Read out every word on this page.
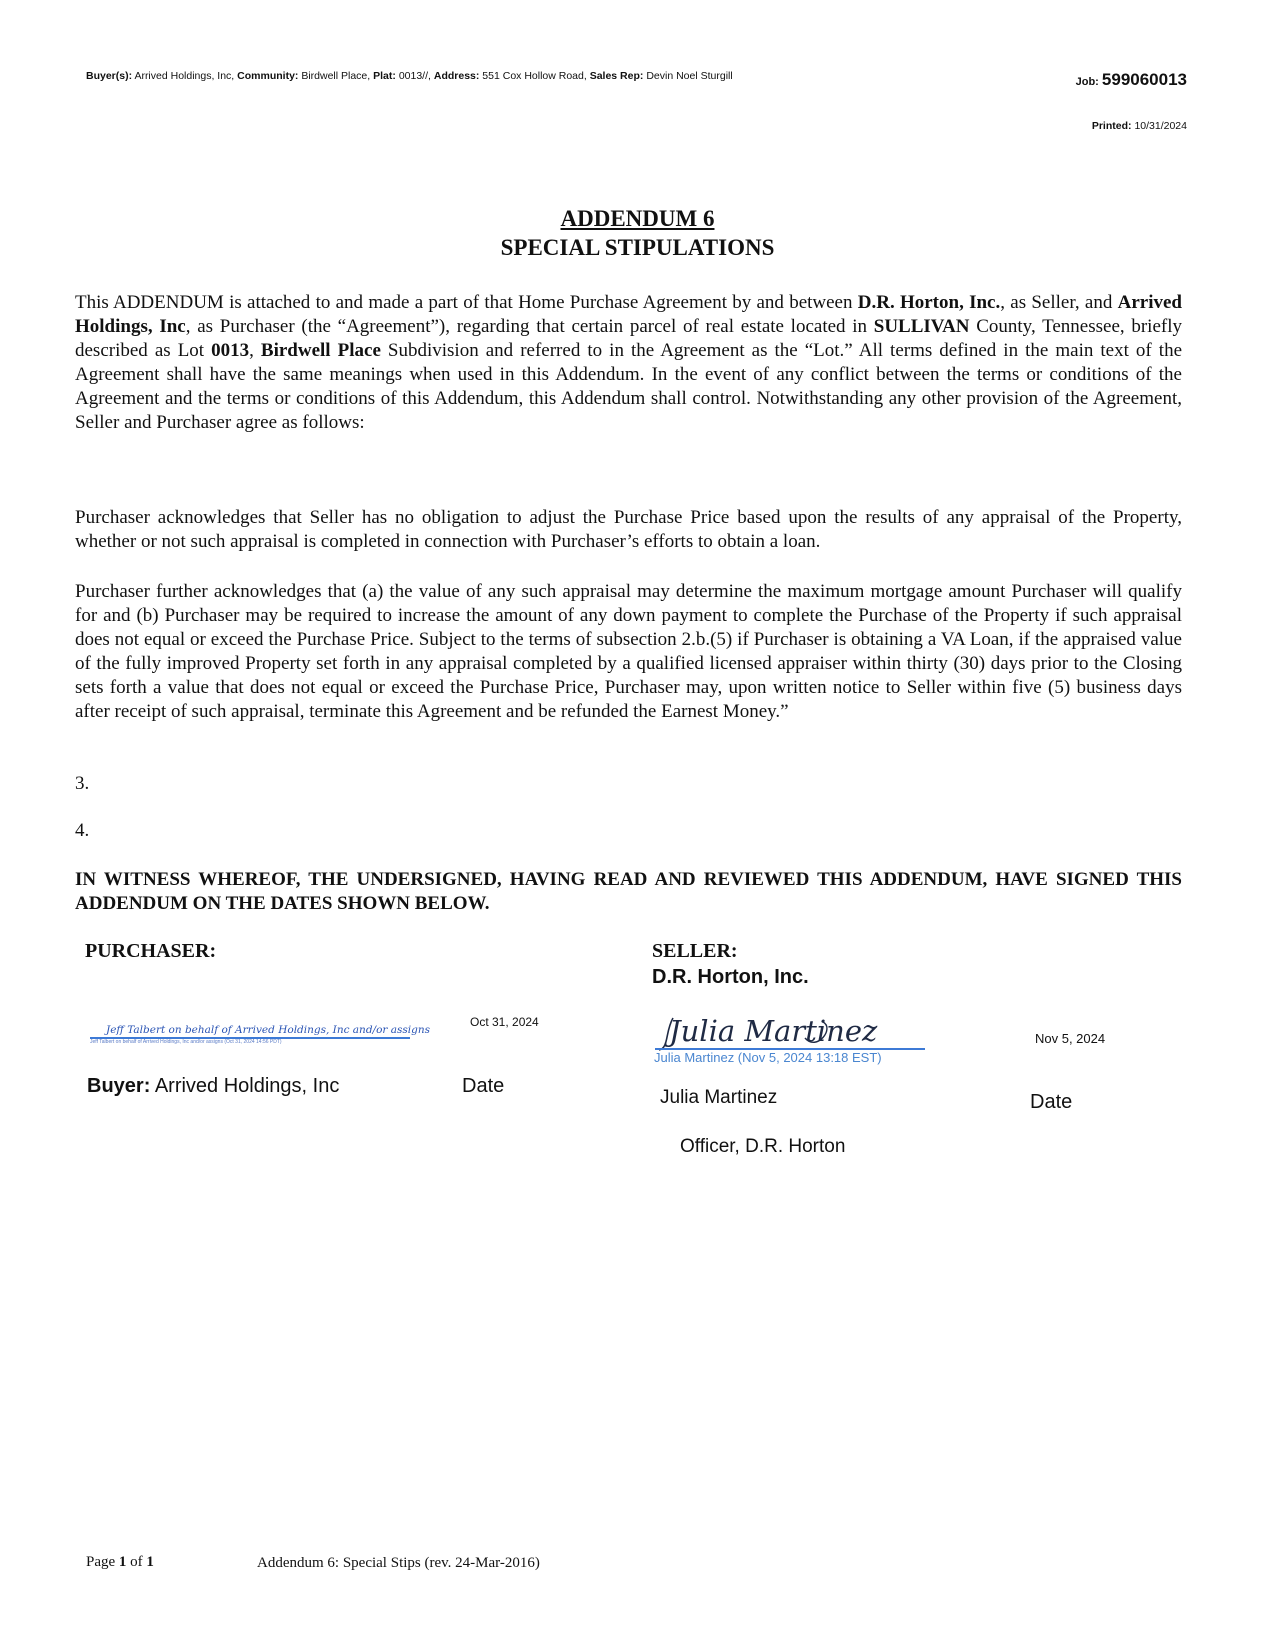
Buyer(s): Arrived Holdings, Inc, Community: Birdwell Place, Plat: 0013//, Address: 551 Cox Hollow Road, Sales Rep: Devin Noel Sturgill	Job: 599060013
Printed: 10/31/2024
ADDENDUM 6
SPECIAL STIPULATIONS
This ADDENDUM is attached to and made a part of that Home Purchase Agreement by and between D.R. Horton, Inc., as Seller, and Arrived Holdings, Inc, as Purchaser (the “Agreement”), regarding that certain parcel of real estate located in SULLIVAN County, Tennessee, briefly described as Lot 0013, Birdwell Place Subdivision and referred to in the Agreement as the “Lot.” All terms defined in the main text of the Agreement shall have the same meanings when used in this Addendum. In the event of any conflict between the terms or conditions of the Agreement and the terms or conditions of this Addendum, this Addendum shall control. Notwithstanding any other provision of the Agreement, Seller and Purchaser agree as follows:
Purchaser acknowledges that Seller has no obligation to adjust the Purchase Price based upon the results of any appraisal of the Property, whether or not such appraisal is completed in connection with Purchaser’s efforts to obtain a loan.
Purchaser further acknowledges that (a) the value of any such appraisal may determine the maximum mortgage amount Purchaser will qualify for and (b) Purchaser may be required to increase the amount of any down payment to complete the Purchase of the Property if such appraisal does not equal or exceed the Purchase Price. Subject to the terms of subsection 2.b.(5) if Purchaser is obtaining a VA Loan, if the appraised value of the fully improved Property set forth in any appraisal completed by a qualified licensed appraiser within thirty (30) days prior to the Closing sets forth a value that does not equal or exceed the Purchase Price, Purchaser may, upon written notice to Seller within five (5) business days after receipt of such appraisal, terminate this Agreement and be refunded the Earnest Money.”
3.
4.
IN WITNESS WHEREOF, THE UNDERSIGNED, HAVING READ AND REVIEWED THIS ADDENDUM, HAVE SIGNED THIS ADDENDUM ON THE DATES SHOWN BELOW.
PURCHASER:
Oct 31, 2024
Jeff Talbert on behalf of Arrived Holdings, Inc and/or assigns
Jeff Talbert on behalf of Arrived Holdings, Inc and/or assigns (Oct 31, 2024 14:56 PDT)
Buyer: Arrived Holdings, Inc	Date
SELLER:
D.R. Horton, Inc.
Julia Martinez
Julia Martinez (Nov 5, 2024 13:18 EST)
Nov 5, 2024
Julia Martinez	Date
Officer, D.R. Horton
Page 1 of 1	Addendum 6: Special Stips (rev. 24-Mar-2016)
